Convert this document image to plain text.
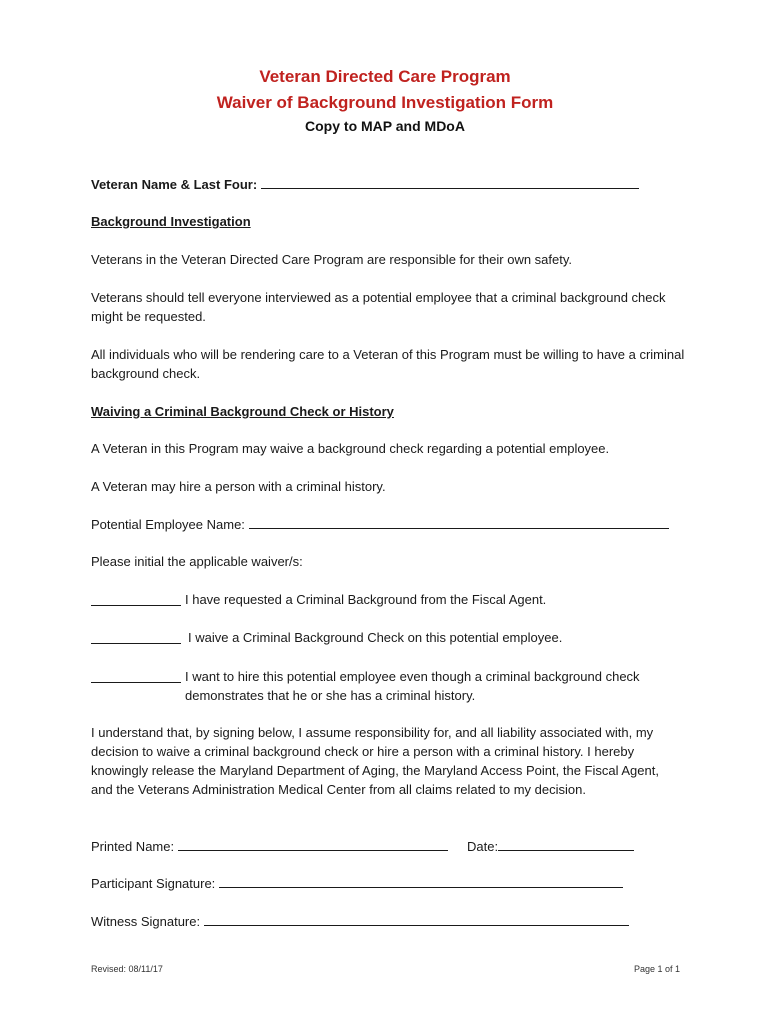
Veteran Directed Care Program
Waiver of Background Investigation Form
Copy to MAP and MDoA
Veteran Name & Last Four:
Background Investigation
Veterans in the Veteran Directed Care Program are responsible for their own safety.
Veterans should tell everyone interviewed as a potential employee that a criminal background check might be requested.
All individuals who will be rendering care to a Veteran of this Program must be willing to have a criminal background check.
Waiving a Criminal Background Check or History
A Veteran in this Program may waive a background check regarding a potential employee.
A Veteran may hire a person with a criminal history.
Potential Employee Name:
Please initial the applicable waiver/s:
I have requested a Criminal Background from the Fiscal Agent.
I waive a Criminal Background Check on this potential employee.
I want to hire this potential employee even though a criminal background check
demonstrates that he or she has a criminal history.
I understand that, by signing below, I assume responsibility for, and all liability associated with, my decision to waive a criminal background check or hire a person with a criminal history. I hereby knowingly release the Maryland Department of Aging, the Maryland Access Point, the Fiscal Agent, and the Veterans Administration Medical Center from all claims related to my decision.
Printed Name:	Date:
Participant Signature:
Witness Signature:
Revised: 08/11/17	Page 1 of 1
